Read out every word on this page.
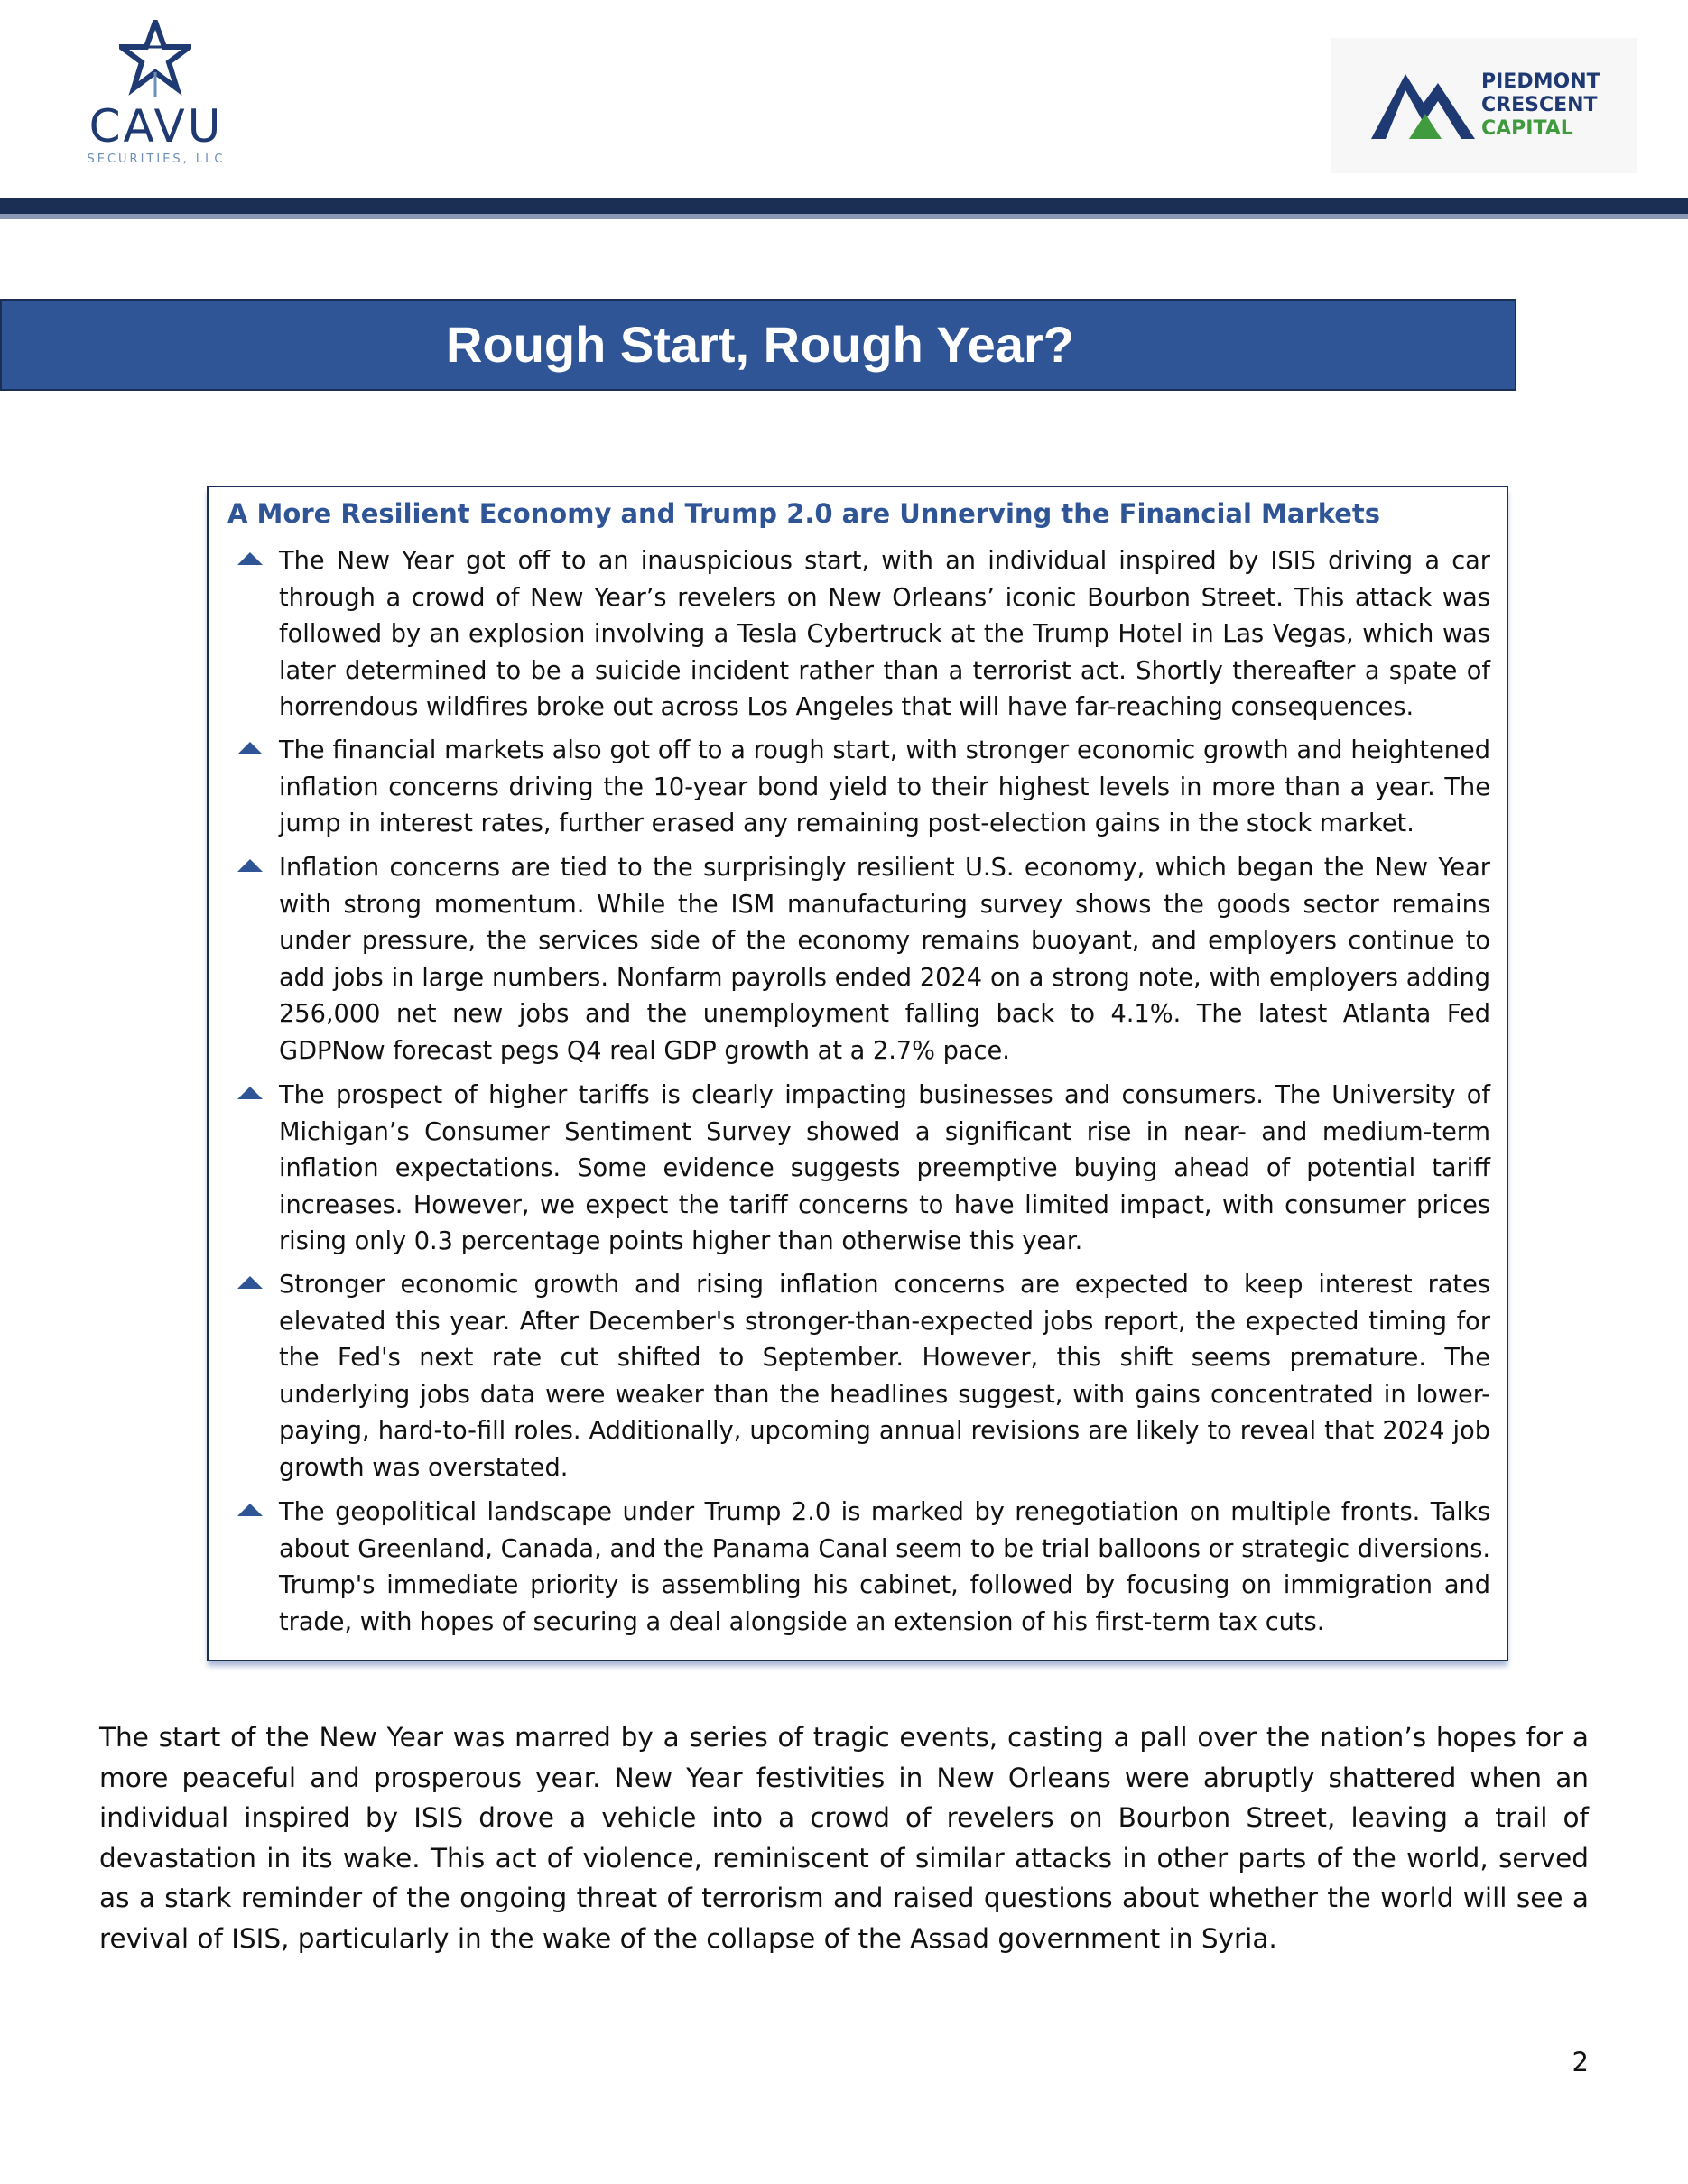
CAVU
SECURITIES, LLC
PIEDMONT
CRESCENT
CAPITAL
Rough Start, Rough Year?
A More Resilient Economy and Trump 2.0 are Unnerving the Financial Markets
The New Year got off to an inauspicious start, with an individual inspired by ISIS driving a car through a crowd of New Year’s revelers on New Orleans’ iconic Bourbon Street. This attack was followed by an explosion involving a Tesla Cybertruck at the Trump Hotel in Las Vegas, which was later determined to be a suicide incident rather than a terrorist act. Shortly thereafter a spate of horrendous wildfires broke out across Los Angeles that will have far-reaching consequences.
The financial markets also got off to a rough start, with stronger economic growth and heightened inflation concerns driving the 10-year bond yield to their highest levels in more than a year. The jump in interest rates, further erased any remaining post-election gains in the stock market.
Inflation concerns are tied to the surprisingly resilient U.S. economy, which began the New Year with strong momentum. While the ISM manufacturing survey shows the goods sector remains under pressure, the services side of the economy remains buoyant, and employers continue to add jobs in large numbers. Nonfarm payrolls ended 2024 on a strong note, with employers adding 256,000 net new jobs and the unemployment falling back to 4.1%. The latest Atlanta Fed GDPNow forecast pegs Q4 real GDP growth at a 2.7% pace.
The prospect of higher tariffs is clearly impacting businesses and consumers. The University of Michigan’s Consumer Sentiment Survey showed a significant rise in near- and medium-term inflation expectations. Some evidence suggests preemptive buying ahead of potential tariff increases. However, we expect the tariff concerns to have limited impact, with consumer prices rising only 0.3 percentage points higher than otherwise this year.
Stronger economic growth and rising inflation concerns are expected to keep interest rates elevated this year. After December's stronger-than-expected jobs report, the expected timing for the Fed's next rate cut shifted to September. However, this shift seems premature. The underlying jobs data were weaker than the headlines suggest, with gains concentrated in lower-paying, hard-to-fill roles. Additionally, upcoming annual revisions are likely to reveal that 2024 job growth was overstated.
The geopolitical landscape under Trump 2.0 is marked by renegotiation on multiple fronts. Talks about Greenland, Canada, and the Panama Canal seem to be trial balloons or strategic diversions. Trump's immediate priority is assembling his cabinet, followed by focusing on immigration and trade, with hopes of securing a deal alongside an extension of his first-term tax cuts.
The start of the New Year was marred by a series of tragic events, casting a pall over the nation’s hopes for a more peaceful and prosperous year. New Year festivities in New Orleans were abruptly shattered when an individual inspired by ISIS drove a vehicle into a crowd of revelers on Bourbon Street, leaving a trail of devastation in its wake. This act of violence, reminiscent of similar attacks in other parts of the world, served as a stark reminder of the ongoing threat of terrorism and raised questions about whether the world will see a revival of ISIS, particularly in the wake of the collapse of the Assad government in Syria.
2
